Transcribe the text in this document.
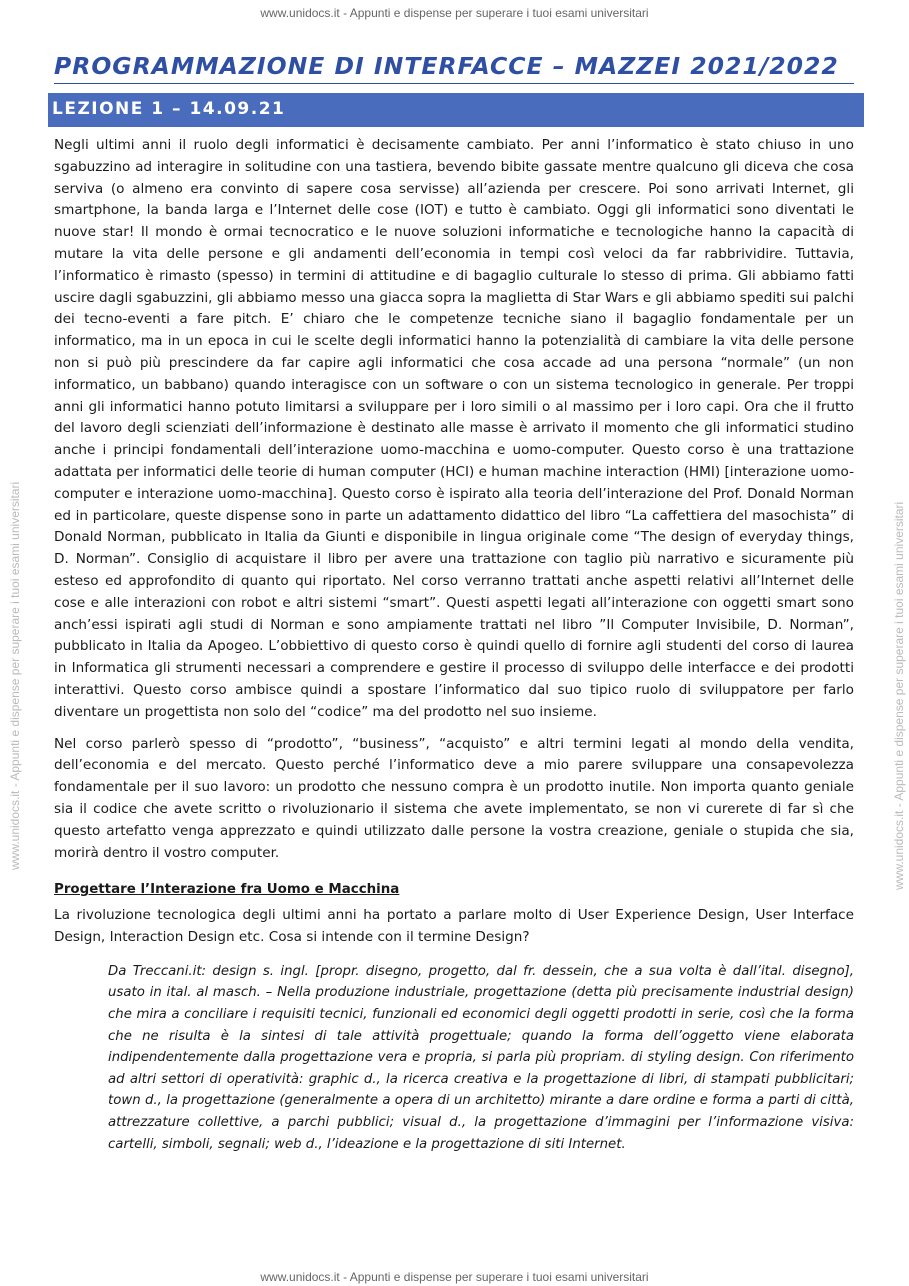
www.unidocs.it - Appunti e dispense per superare i tuoi esami universitari
www.unidocs.it - Appunti e dispense per superare i tuoi esami universitari	www.unidocs.it - Appunti e dispense per superare i tuoi esami universitari
PROGRAMMAZIONE DI INTERFACCE – MAZZEI 2021/2022
LEZIONE 1 – 14.09.21

Negli ultimi anni il ruolo degli informatici è decisamente cambiato. Per anni l’informatico è stato chiuso in uno sgabuzzino ad interagire in solitudine con una tastiera, bevendo bibite gassate mentre qualcuno gli diceva che cosa serviva (o almeno era convinto di sapere cosa servisse) all’azienda per crescere. Poi sono arrivati Internet, gli smartphone, la banda larga e l’Internet delle cose (IOT) e tutto è cambiato. Oggi gli informatici sono diventati le nuove star! Il mondo è ormai tecnocratico e le nuove soluzioni informatiche e tecnologiche hanno la capacità di mutare la vita delle persone e gli andamenti dell’economia in tempi così veloci da far rabbrividire. Tuttavia, l’informatico è rimasto (spesso) in termini di attitudine e di bagaglio culturale lo stesso di prima. Gli abbiamo fatti uscire dagli sgabuzzini, gli abbiamo messo una giacca sopra la maglietta di Star Wars e gli abbiamo spediti sui palchi dei tecno-eventi a fare pitch. E’ chiaro che le competenze tecniche siano il bagaglio fondamentale per un informatico, ma in un epoca in cui le scelte degli informatici hanno la potenzialità di cambiare la vita delle persone non si può più prescindere da far capire agli informatici che cosa accade ad una persona “normale” (un non informatico, un babbano) quando interagisce con un software o con un sistema tecnologico in generale. Per troppi anni gli informatici hanno potuto limitarsi a sviluppare per i loro simili o al massimo per i loro capi. Ora che il frutto del lavoro degli scienziati dell’informazione è destinato alle masse è arrivato il momento che gli informatici studino anche i principi fondamentali dell’interazione uomo-macchina e uomo-computer. Questo corso è una trattazione adattata per informatici delle teorie di human computer (HCI) e human machine interaction (HMI) [interazione uomo-computer e interazione uomo-macchina]. Questo corso è ispirato alla teoria dell’interazione del Prof. Donald Norman ed in particolare, queste dispense sono in parte un adattamento didattico del libro “La caffettiera del masochista” di Donald Norman, pubblicato in Italia da Giunti e disponibile in lingua originale come “The design of everyday things, D. Norman”. Consiglio di acquistare il libro per avere una trattazione con taglio più narrativo e sicuramente più esteso ed approfondito di quanto qui riportato. Nel corso verranno trattati anche aspetti relativi all’Internet delle cose e alle interazioni con robot e altri sistemi “smart”. Questi aspetti legati all’interazione con oggetti smart sono anch’essi ispirati agli studi di Norman e sono ampiamente trattati nel libro ”Il Computer Invisibile, D. Norman”, pubblicato in Italia da Apogeo. L’obbiettivo di questo corso è quindi quello di fornire agli studenti del corso di laurea in Informatica gli strumenti necessari a comprendere e gestire il processo di sviluppo delle interfacce e dei prodotti interattivi. Questo corso ambisce quindi a spostare l’informatico dal suo tipico ruolo di sviluppatore per farlo diventare un progettista non solo del “codice” ma del prodotto nel suo insieme.

Nel corso parlerò spesso di “prodotto”, “business”, “acquisto” e altri termini legati al mondo della vendita, dell’economia e del mercato. Questo perché l’informatico deve a mio parere sviluppare una consapevolezza fondamentale per il suo lavoro: un prodotto che nessuno compra è un prodotto inutile. Non importa quanto geniale sia il codice che avete scritto o rivoluzionario il sistema che avete implementato, se non vi curerete di far sì che questo artefatto venga apprezzato e quindi utilizzato dalle persone la vostra creazione, geniale o stupida che sia, morirà dentro il vostro computer.

Progettare l’Interazione fra Uomo e Macchina

La rivoluzione tecnologica degli ultimi anni ha portato a parlare molto di User Experience Design, User Interface Design, Interaction Design etc. Cosa si intende con il termine Design?

Da Treccani.it: design s. ingl. [propr. disegno, progetto, dal fr. dessein, che a sua volta è dall’ital. disegno], usato in ital. al masch. – Nella produzione industriale, progettazione (detta più precisamente industrial design) che mira a conciliare i requisiti tecnici, funzionali ed economici degli oggetti prodotti in serie, così che la forma che ne risulta è la sintesi di tale attività progettuale; quando la forma dell’oggetto viene elaborata indipendentemente dalla progettazione vera e propria, si parla più propriam. di styling design. Con riferimento ad altri settori di operatività: graphic d., la ricerca creativa e la progettazione di libri, di stampati pubblicitari; town d., la progettazione (generalmente a opera di un architetto) mirante a dare ordine e forma a parti di città, attrezzature collettive, a parchi pubblici; visual d., la progettazione d’immagini per l’informazione visiva: cartelli, simboli, segnali; web d., l’ideazione e la progettazione di siti Internet.
www.unidocs.it - Appunti e dispense per superare i tuoi esami universitari
